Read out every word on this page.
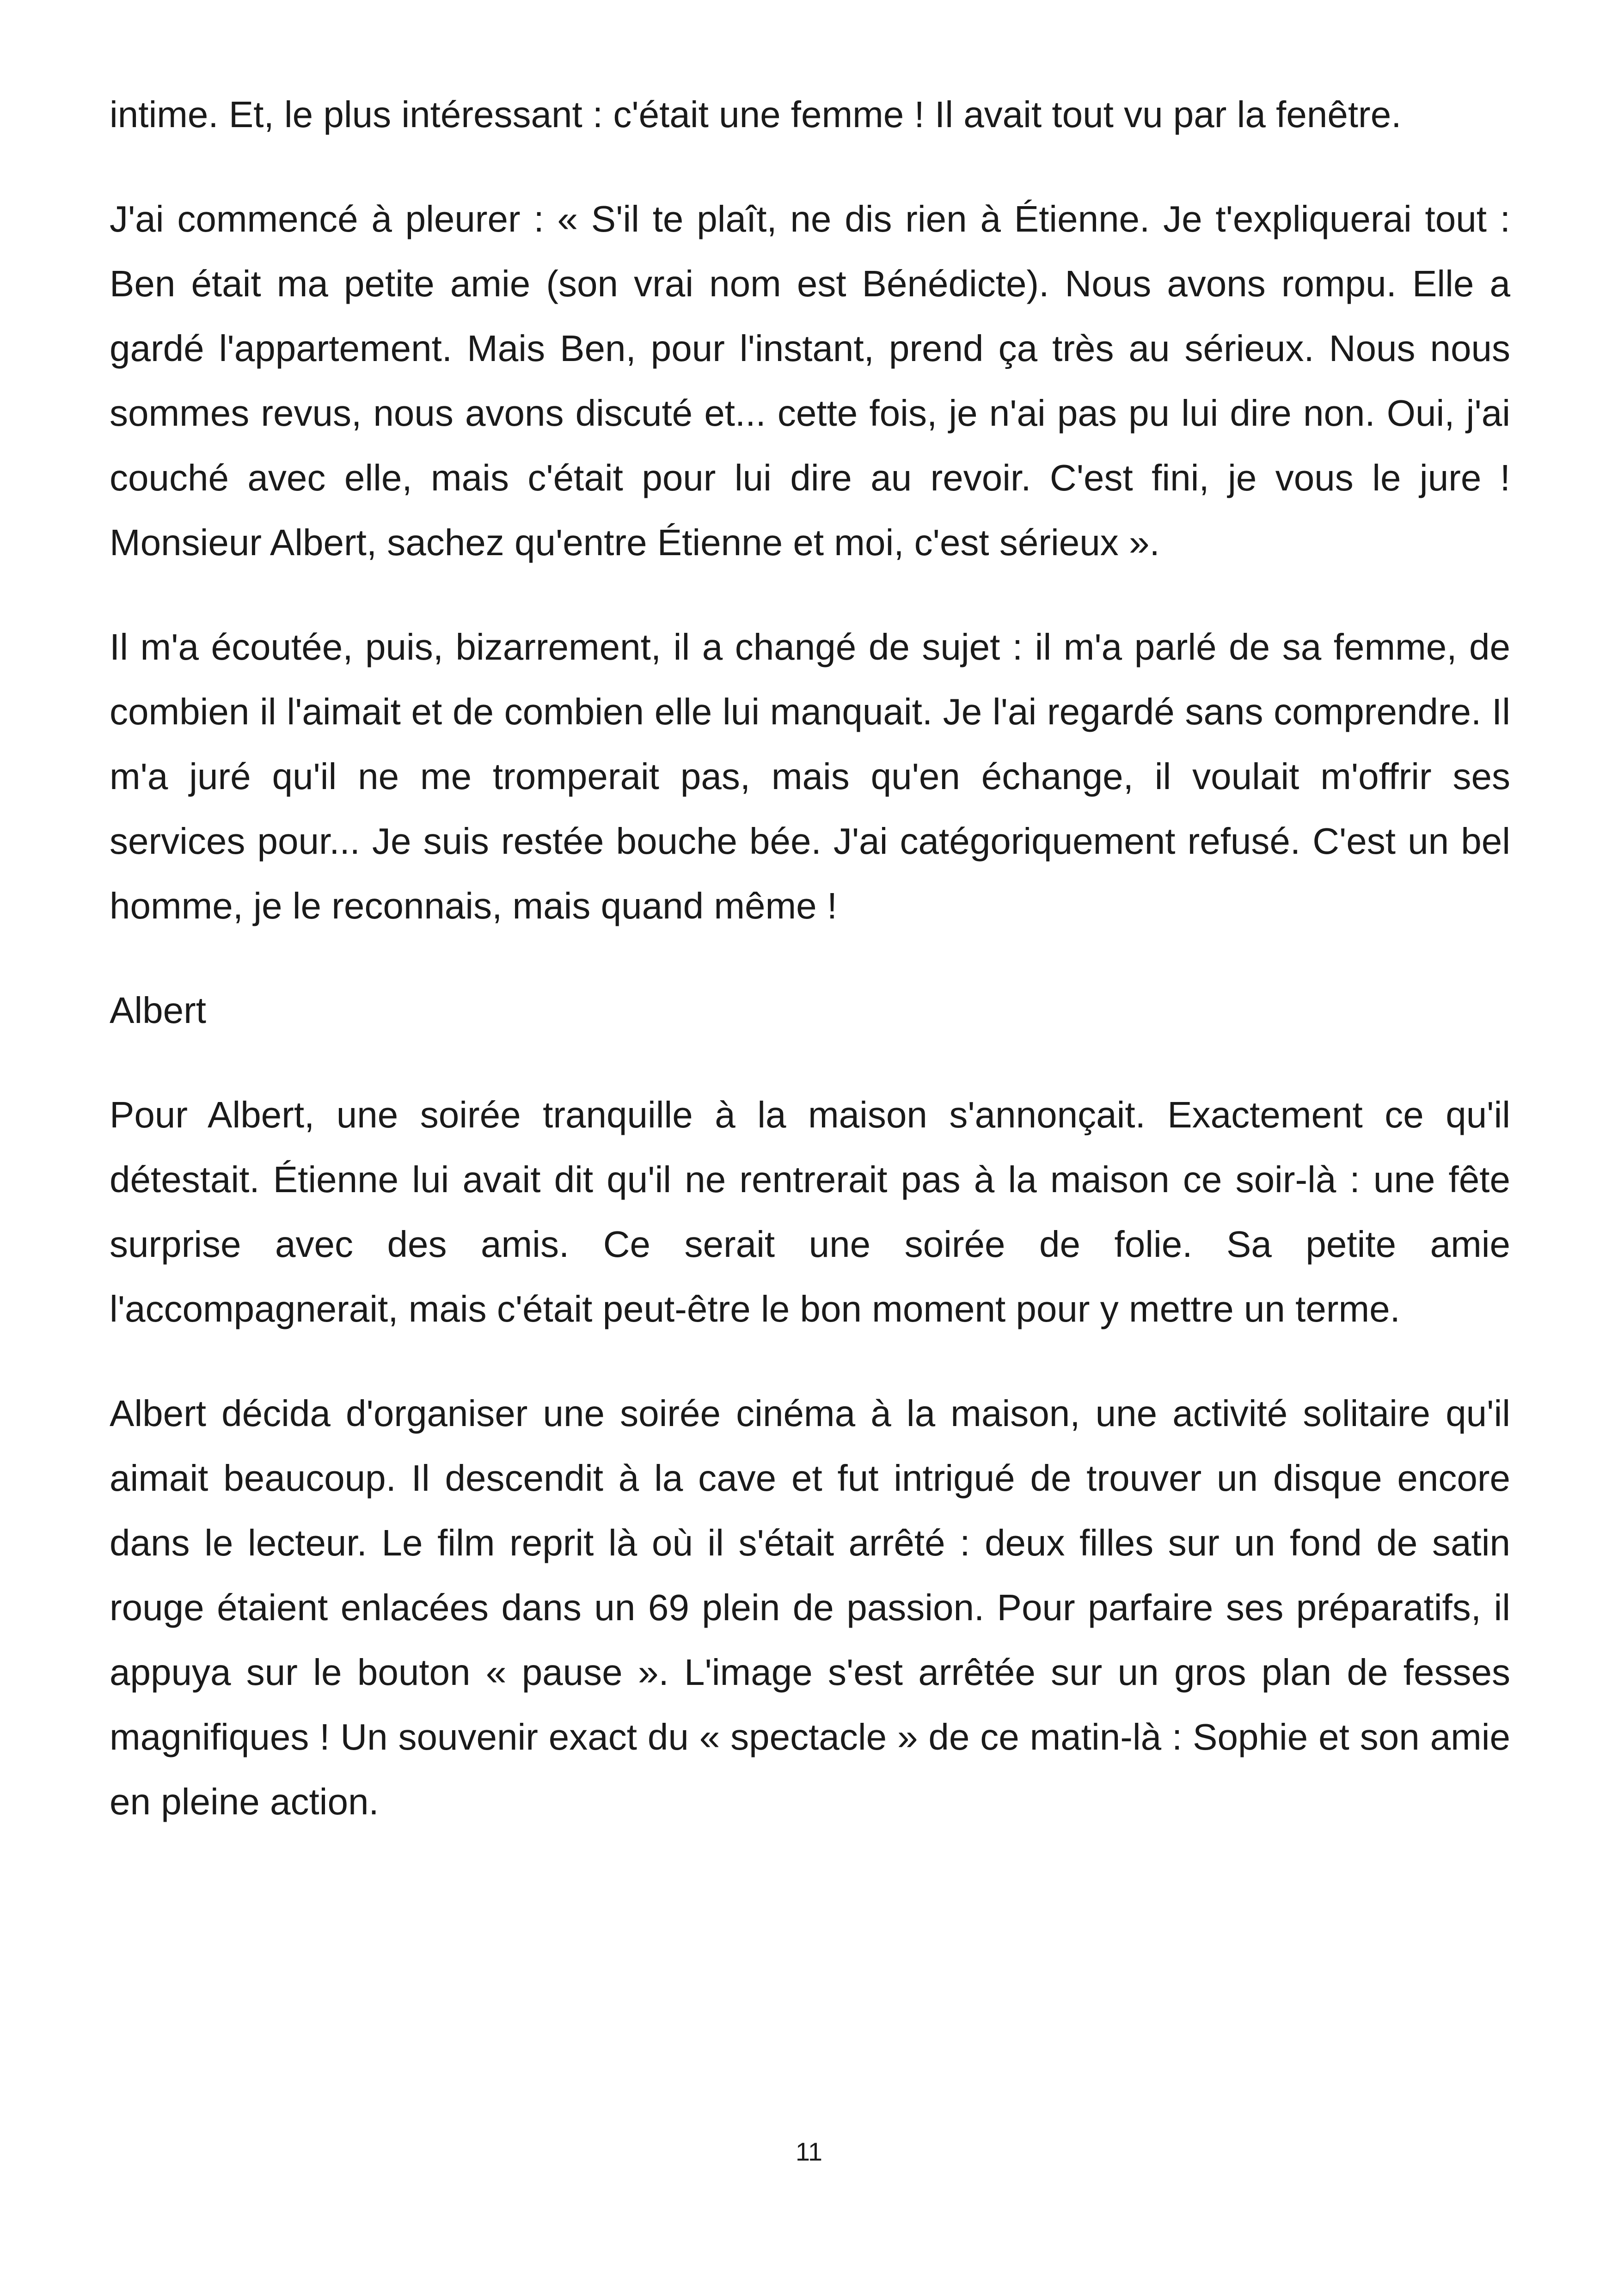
intime. Et, le plus intéressant : c'était une femme ! Il avait tout vu par la fenêtre.

J'ai commencé à pleurer : « S'il te plaît, ne dis rien à Étienne. Je t'expliquerai tout : Ben était ma petite amie (son vrai nom est Bénédicte). Nous avons rompu. Elle a gardé l'appartement. Mais Ben, pour l'instant, prend ça très au sérieux. Nous nous sommes revus, nous avons discuté et... cette fois, je n'ai pas pu lui dire non. Oui, j'ai couché avec elle, mais c'était pour lui dire au revoir. C'est fini, je vous le jure ! Monsieur Albert, sachez qu'entre Étienne et moi, c'est sérieux ».

Il m'a écoutée, puis, bizarrement, il a changé de sujet : il m'a parlé de sa femme, de combien il l'aimait et de combien elle lui manquait. Je l'ai regardé sans comprendre. Il m'a juré qu'il ne me tromperait pas, mais qu'en échange, il voulait m'offrir ses services pour... Je suis restée bouche bée. J'ai catégoriquement refusé. C'est un bel homme, je le reconnais, mais quand même !

Albert

Pour Albert, une soirée tranquille à la maison s'annonçait. Exactement ce qu'il détestait. Étienne lui avait dit qu'il ne rentrerait pas à la maison ce soir-là : une fête surprise avec des amis. Ce serait une soirée de folie. Sa petite amie l'accompagnerait, mais c'était peut-être le bon moment pour y mettre un terme.

Albert décida d'organiser une soirée cinéma à la maison, une activité solitaire qu'il aimait beaucoup. Il descendit à la cave et fut intrigué de trouver un disque encore dans le lecteur. Le film reprit là où il s'était arrêté : deux filles sur un fond de satin rouge étaient enlacées dans un 69 plein de passion. Pour parfaire ses préparatifs, il appuya sur le bouton « pause ». L'image s'est arrêtée sur un gros plan de fesses magnifiques ! Un souvenir exact du « spectacle » de ce matin-là : Sophie et son amie en pleine action.

11
